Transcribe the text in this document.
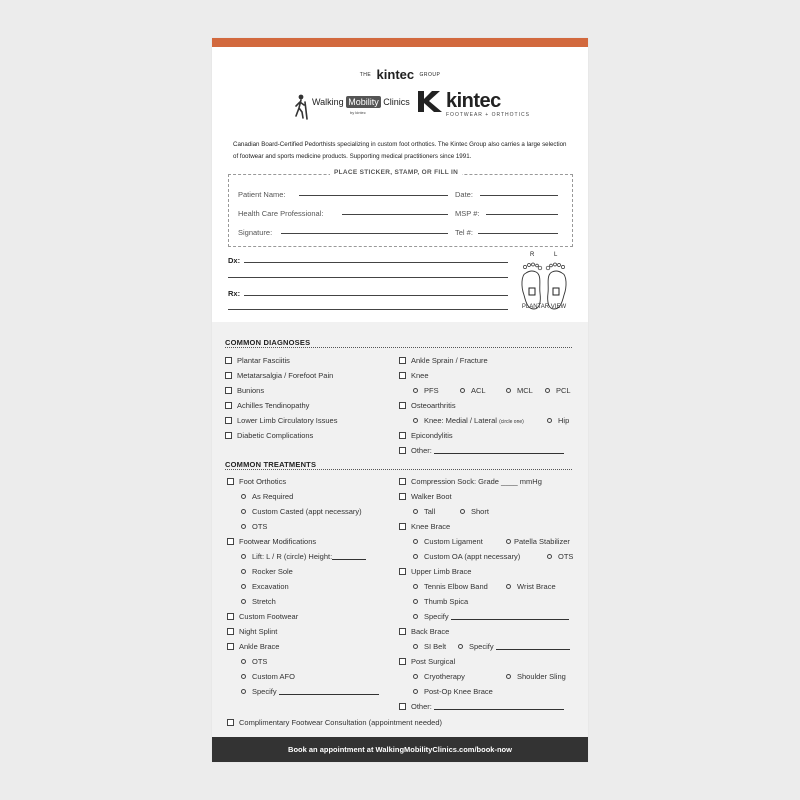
THE kintec GROUP
Walking Mobility Clinics
by kintec
kintec
FOOTWEAR + ORTHOTICS
Canadian Board-Certified Pedorthists specializing in custom foot orthotics. The Kintec Group also carries a large selection of footwear and sports medicine products. Supporting medical practitioners since 1991.
PLACE STICKER, STAMP, OR FILL IN
Patient Name:	Date:
Health Care Professional:	MSP #:
Signature:	Tel #:
Dx:
Rx:
R	L
PLANTAR VIEW
COMMON DIAGNOSES
Plantar Fasciitis
Metatarsalgia / Forefoot Pain
Bunions
Achilles Tendinopathy
Lower Limb Circulatory Issues
Diabetic Complications
Ankle Sprain / Fracture
Knee
PFS	ACL	MCL	PCL
Osteoarthritis
Knee: Medial / Lateral (circle one)	Hip
Epicondylitis
Other:
COMMON TREATMENTS
Foot Orthotics
As Required
Custom Casted (appt necessary)
OTS
Footwear Modifications
Lift: L / R (circle) Height:
Rocker Sole
Excavation
Stretch
Custom Footwear
Night Splint
Ankle Brace
OTS
Custom AFO
Specify
Compression Sock: Grade ____ mmHg
Walker Boot
Tall	Short
Knee Brace
Custom Ligament	Patella Stabilizer
Custom OA (appt necessary)	OTS
Upper Limb Brace
Tennis Elbow Band	Wrist Brace
Thumb Spica
Specify
Back Brace
SI Belt	Specify
Post Surgical
Cryotherapy	Shoulder Sling
Post-Op Knee Brace
Other:
Complimentary Footwear Consultation (appointment needed)
Book an appointment at WalkingMobilityClinics.com/book-now
